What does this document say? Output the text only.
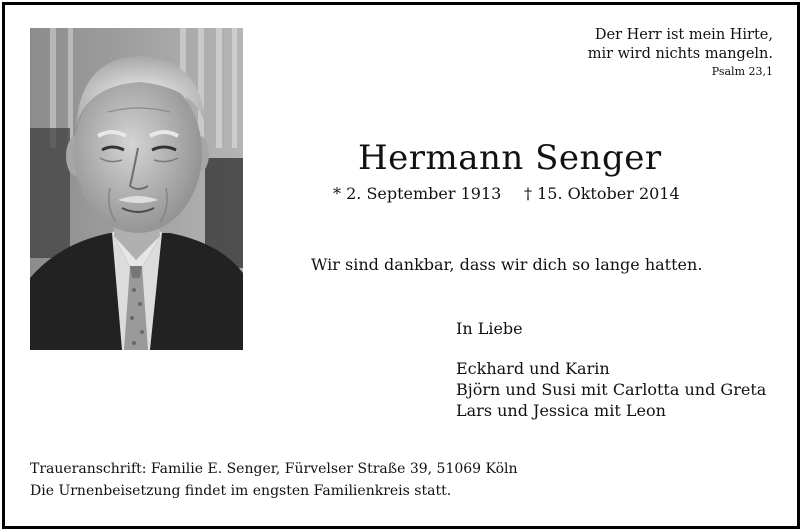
Der Herr ist mein Hirte,
mir wird nichts mangeln.
Psalm 23,1
Hermann Senger
* 2. September 1913 † 15. Oktober 2014
Wir sind dankbar, dass wir dich so lange hatten.
In Liebe
Eckhard und Karin
Björn und Susi mit Carlotta und Greta
Lars und Jessica mit Leon
Traueranschrift: Familie E. Senger, Fürvelser Straße 39, 51069 Köln
Die Urnenbeisetzung findet im engsten Familienkreis statt.
